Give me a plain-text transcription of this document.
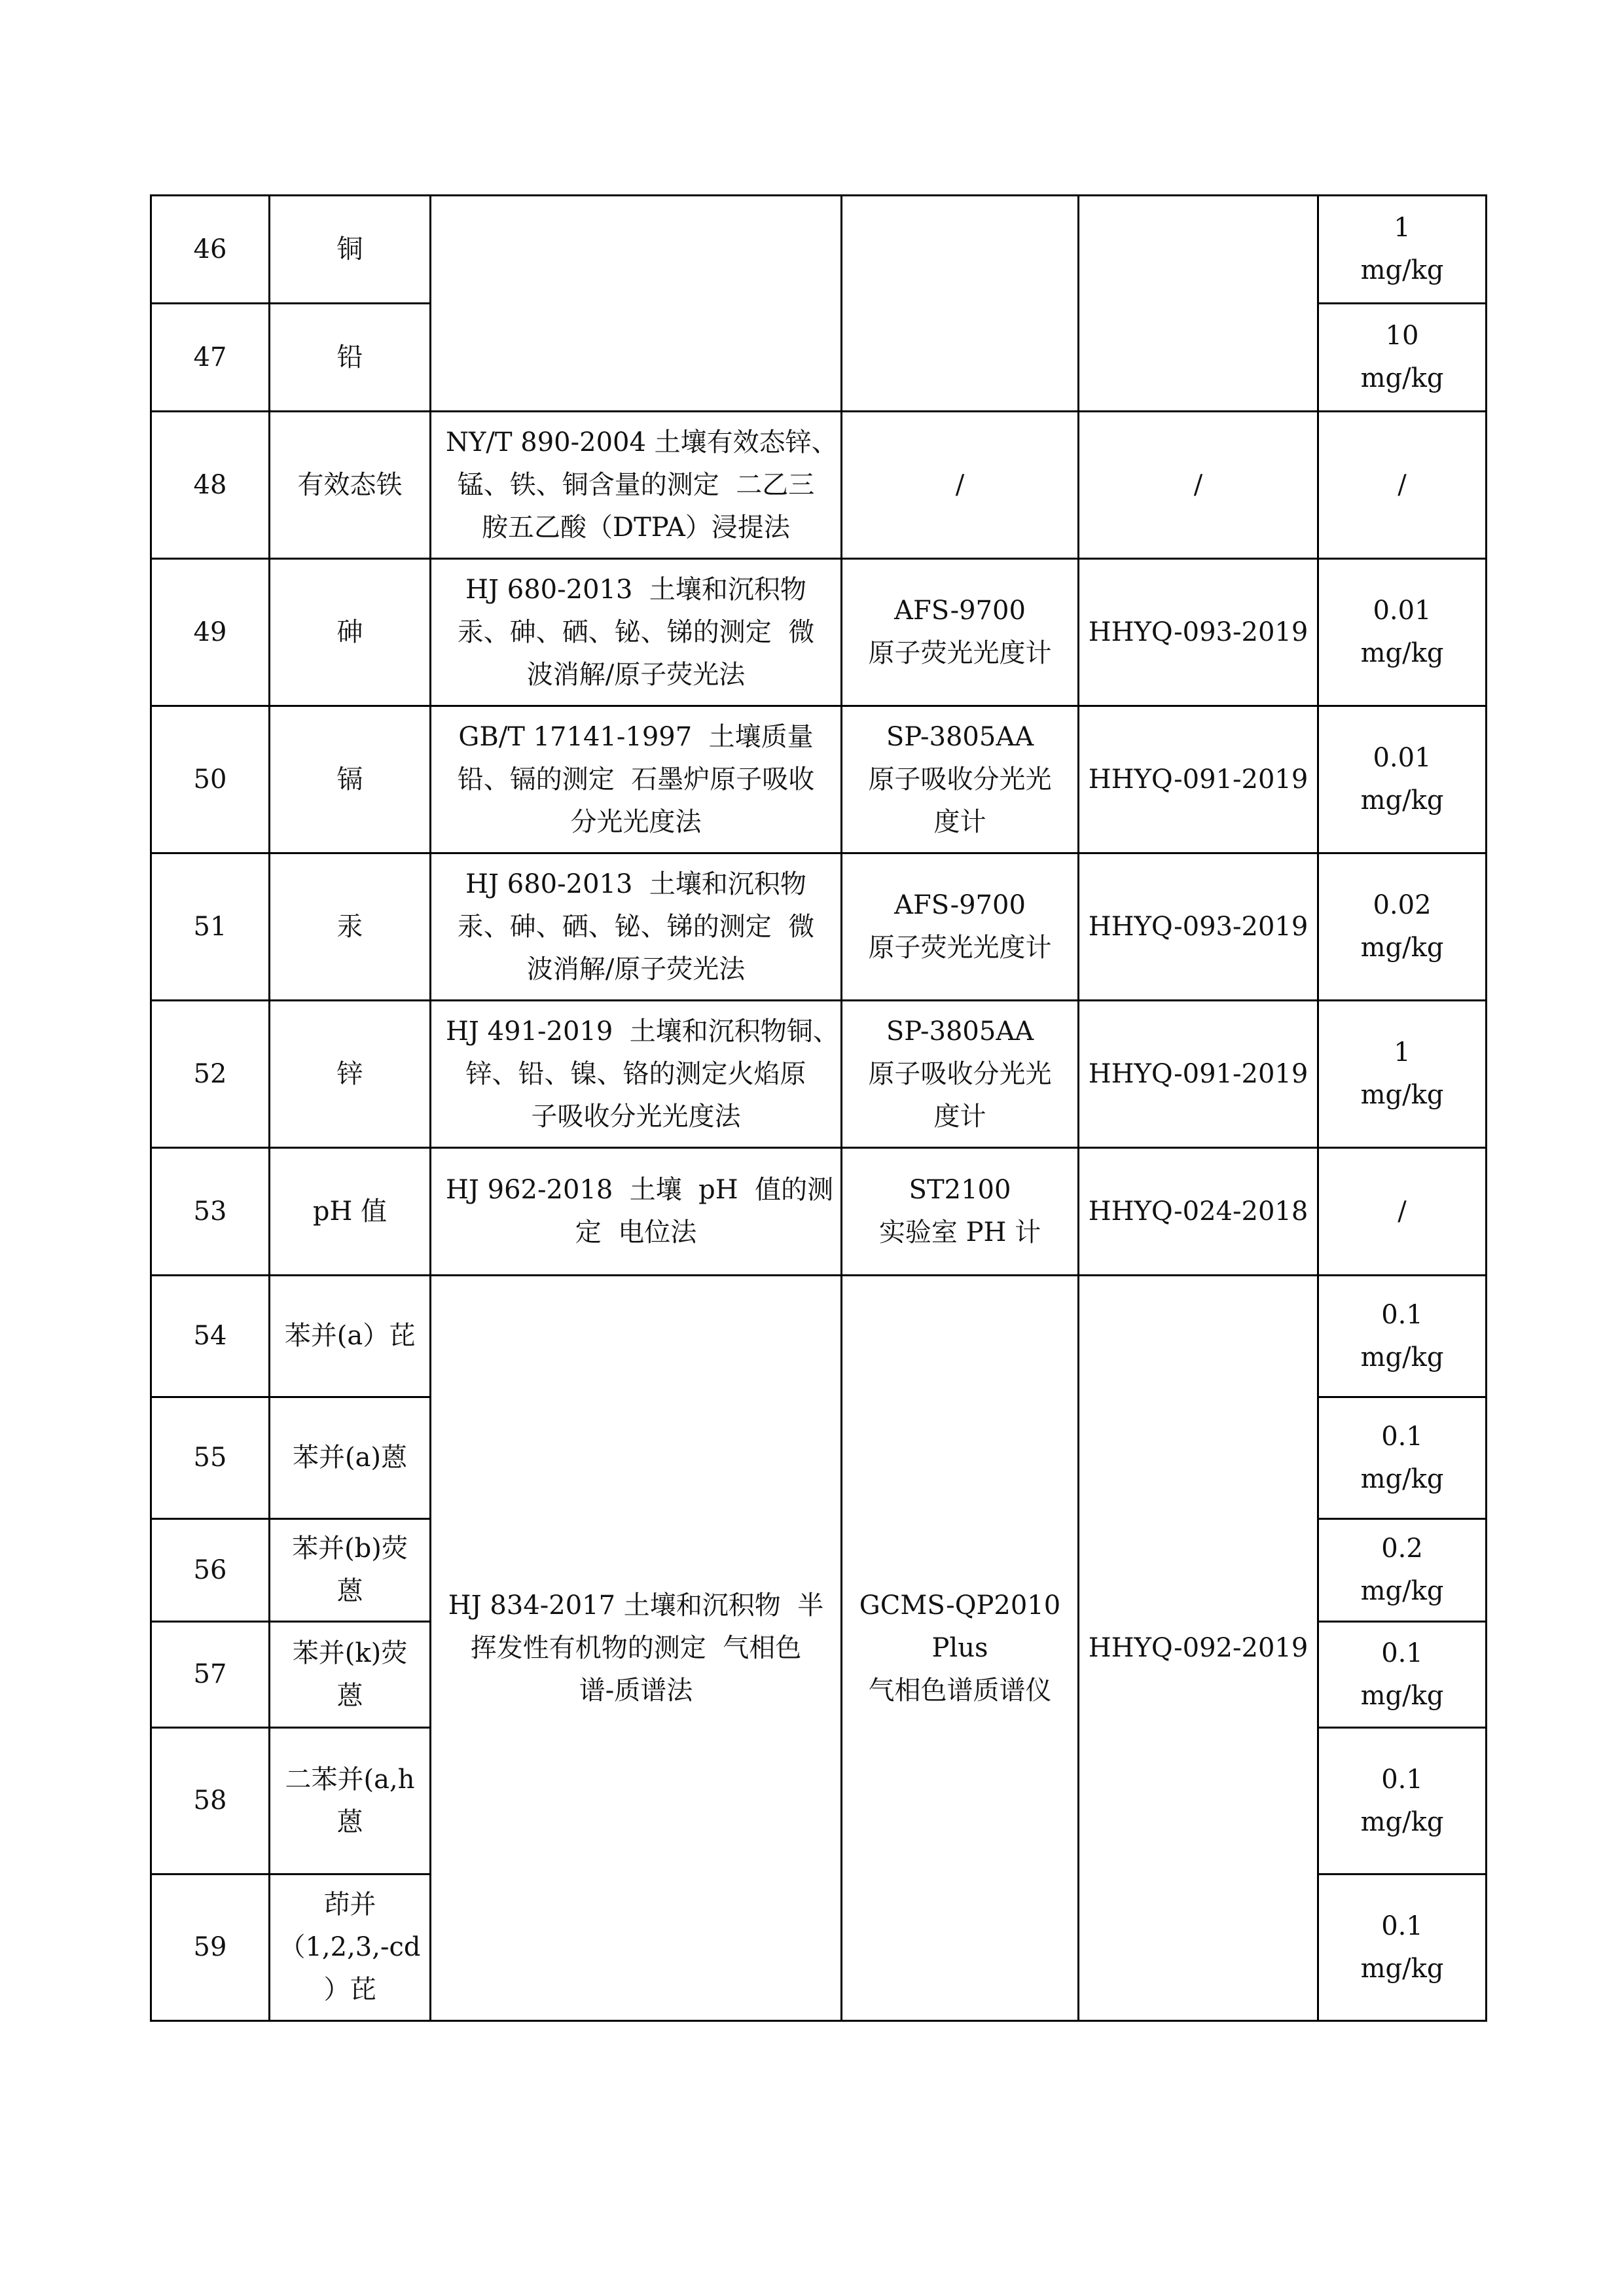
46	铜				1
mg/kg

47	铅				10
mg/kg

48	有效态铁	NY/T 890-2004 土壤有效态锌、
锰、铁、铜含量的测定  二乙三
胺五乙酸（DTPA）浸提法	/	/	/

49	砷	HJ 680-2013  土壤和沉积物
汞、砷、硒、铋、锑的测定  微
波消解/原子荧光法	AFS-9700
原子荧光光度计	HHYQ-093-2019	0.01
mg/kg

50	镉	GB/T 17141-1997  土壤质量
铅、镉的测定  石墨炉原子吸收
分光光度法	SP-3805AA
原子吸收分光光
度计	HHYQ-091-2019	0.01
mg/kg

51	汞	HJ 680-2013  土壤和沉积物
汞、砷、硒、铋、锑的测定  微
波消解/原子荧光法	AFS-9700
原子荧光光度计	HHYQ-093-2019	0.02
mg/kg

52	锌	HJ 491-2019  土壤和沉积物铜、
锌、铅、镍、铬的测定火焰原
子吸收分光光度法	SP-3805AA
原子吸收分光光
度计	HHYQ-091-2019	1
mg/kg

53	pH 值	HJ 962-2018  土壤  pH  值的测
定  电位法	ST2100
实验室 PH 计	HHYQ-024-2018	/

54	苯并(a）芘	HJ 834-2017 土壤和沉积物  半
挥发性有机物的测定  气相色
谱-质谱法	GCMS-QP2010
Plus
气相色谱质谱仪	HHYQ-092-2019	0.1
mg/kg

55	苯并(a)蒽				0.1
mg/kg

56	苯并(b)荧
蒽				0.2
mg/kg

57	苯并(k)荧
蒽				0.1
mg/kg

58	二苯并(a,h
蒽				0.1
mg/kg

59	茚并
（1,2,3,-cd
）芘				0.1
mg/kg
